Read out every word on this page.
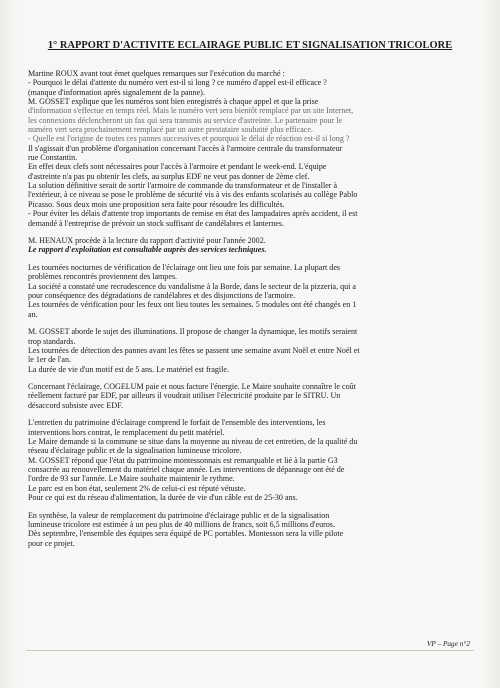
1° RAPPORT D'ACTIVITE ECLAIRAGE PUBLIC ET SIGNALISATION TRICOLORE
Martine ROUX avant tout émet quelques remarques sur l'exécution du marché :
- Pourquoi le délai d'attente du numéro vert est-il si long ? ce numéro d'appel est-il efficace ?
(manque d'information après signalement de la panne).
M. GOSSET explique que les numéros sont bien enregistrés à chaque appel et que la prise
d'information s'effectue en temps réel. Mais le numéro vert sera bientôt remplacé par un site Internet,
les connexions déclencheront un fax qui sera transmis au service d'astreinte. Le partenaire pour le
numéro vert sera prochainement remplacé par un autre prestataire souhaité plus efficace.
- Quelle est l'origine de toutes ces pannes successives et pourquoi le délai de réaction est-il si long ?
Il s'agissait d'un problème d'organisation concernant l'accès à l'armoire centrale du transformateur
rue Constantin.
En effet deux clefs sont nécessaires pour l'accès à l'armoire et pendant le week-end. L'équipe
d'astreinte n'a pas pu obtenir les clefs, au surplus EDF ne veut pas donner de 2ème clef.
La solution définitive serait de sortir l'armoire de commande du transformateur et de l'installer à
l'extérieur, à ce niveau se pose le problème de sécurité vis à vis des enfants scolarisés au collège Pablo
Picasso. Sous deux mois une proposition sera faite pour résoudre les difficultés.
- Pour éviter les délais d'attente trop importants de remise en état des lampadaires après accident, il est
demandé à l'entreprise de prévoir un stock suffisant de candélabres et lanternes.
M. HENAUX procède à la lecture du rapport d'activité pour l'année 2002.
Le rapport d'exploitation est consultable auprès des services techniques.
Les tournées nocturnes de vérification de l'éclairage ont lieu une fois par semaine. La plupart des
problèmes rencontrés proviennent des lampes.
La société a constaté une recrudescence du vandalisme à la Borde, dans le secteur de la pizzeria, qui a
pour conséquence des dégradations de candélabres et des disjonctions de l'armoire.
Les tournées de vérification pour les feux ont lieu toutes les semaines. 5 modules ont été changés en 1
an.
M. GOSSET aborde le sujet des illuminations. Il propose de changer la dynamique, les motifs seraient
trop standards.
Les tournées de détection des pannes avant les fêtes se passent une semaine avant Noël et entre Noël et
le 1er de l'an.
La durée de vie d'un motif est de 5 ans. Le matériel est fragile.
Concernant l'éclairage, COGELUM paie et nous facture l'énergie. Le Maire souhaite connaître le coût
réellement facturé par EDF, par ailleurs il voudrait utiliser l'électricité produite par le SITRU. Un
désaccord subsiste avec EDF.
L'entretien du patrimoine d'éclairage comprend le forfait de l'ensemble des interventions, les
interventions hors contrat, le remplacement du petit matériel.
Le Maire demande si la commune se situe dans la moyenne au niveau de cet entretien, de la qualité du
réseau d'éclairage public et de la signalisation lumineuse tricolore.
M. GOSSET répond que l'état du patrimoine montessonnais est remarquable et lié à la partie G3
consacrée au renouvellement du matériel chaque année. Les interventions de dépannage ont été de
l'ordre de 93 sur l'année. Le Maire souhaite maintenir le rythme.
Le parc est en bon état, seulement 2% de celui-ci est réputé vétuste.
Pour ce qui est du réseau d'alimentation, la durée de vie d'un câble est de 25-30 ans.
En synthèse, la valeur de remplacement du patrimoine d'éclairage public et de la signalisation
lumineuse tricolore est estimée à un peu plus de 40 millions de francs, soit 6,5 millions d'euros.
Dès septembre, l'ensemble des équipes sera équipé de PC portables. Montesson sera la ville pilote
pour ce projet.
VP – Page n°2
